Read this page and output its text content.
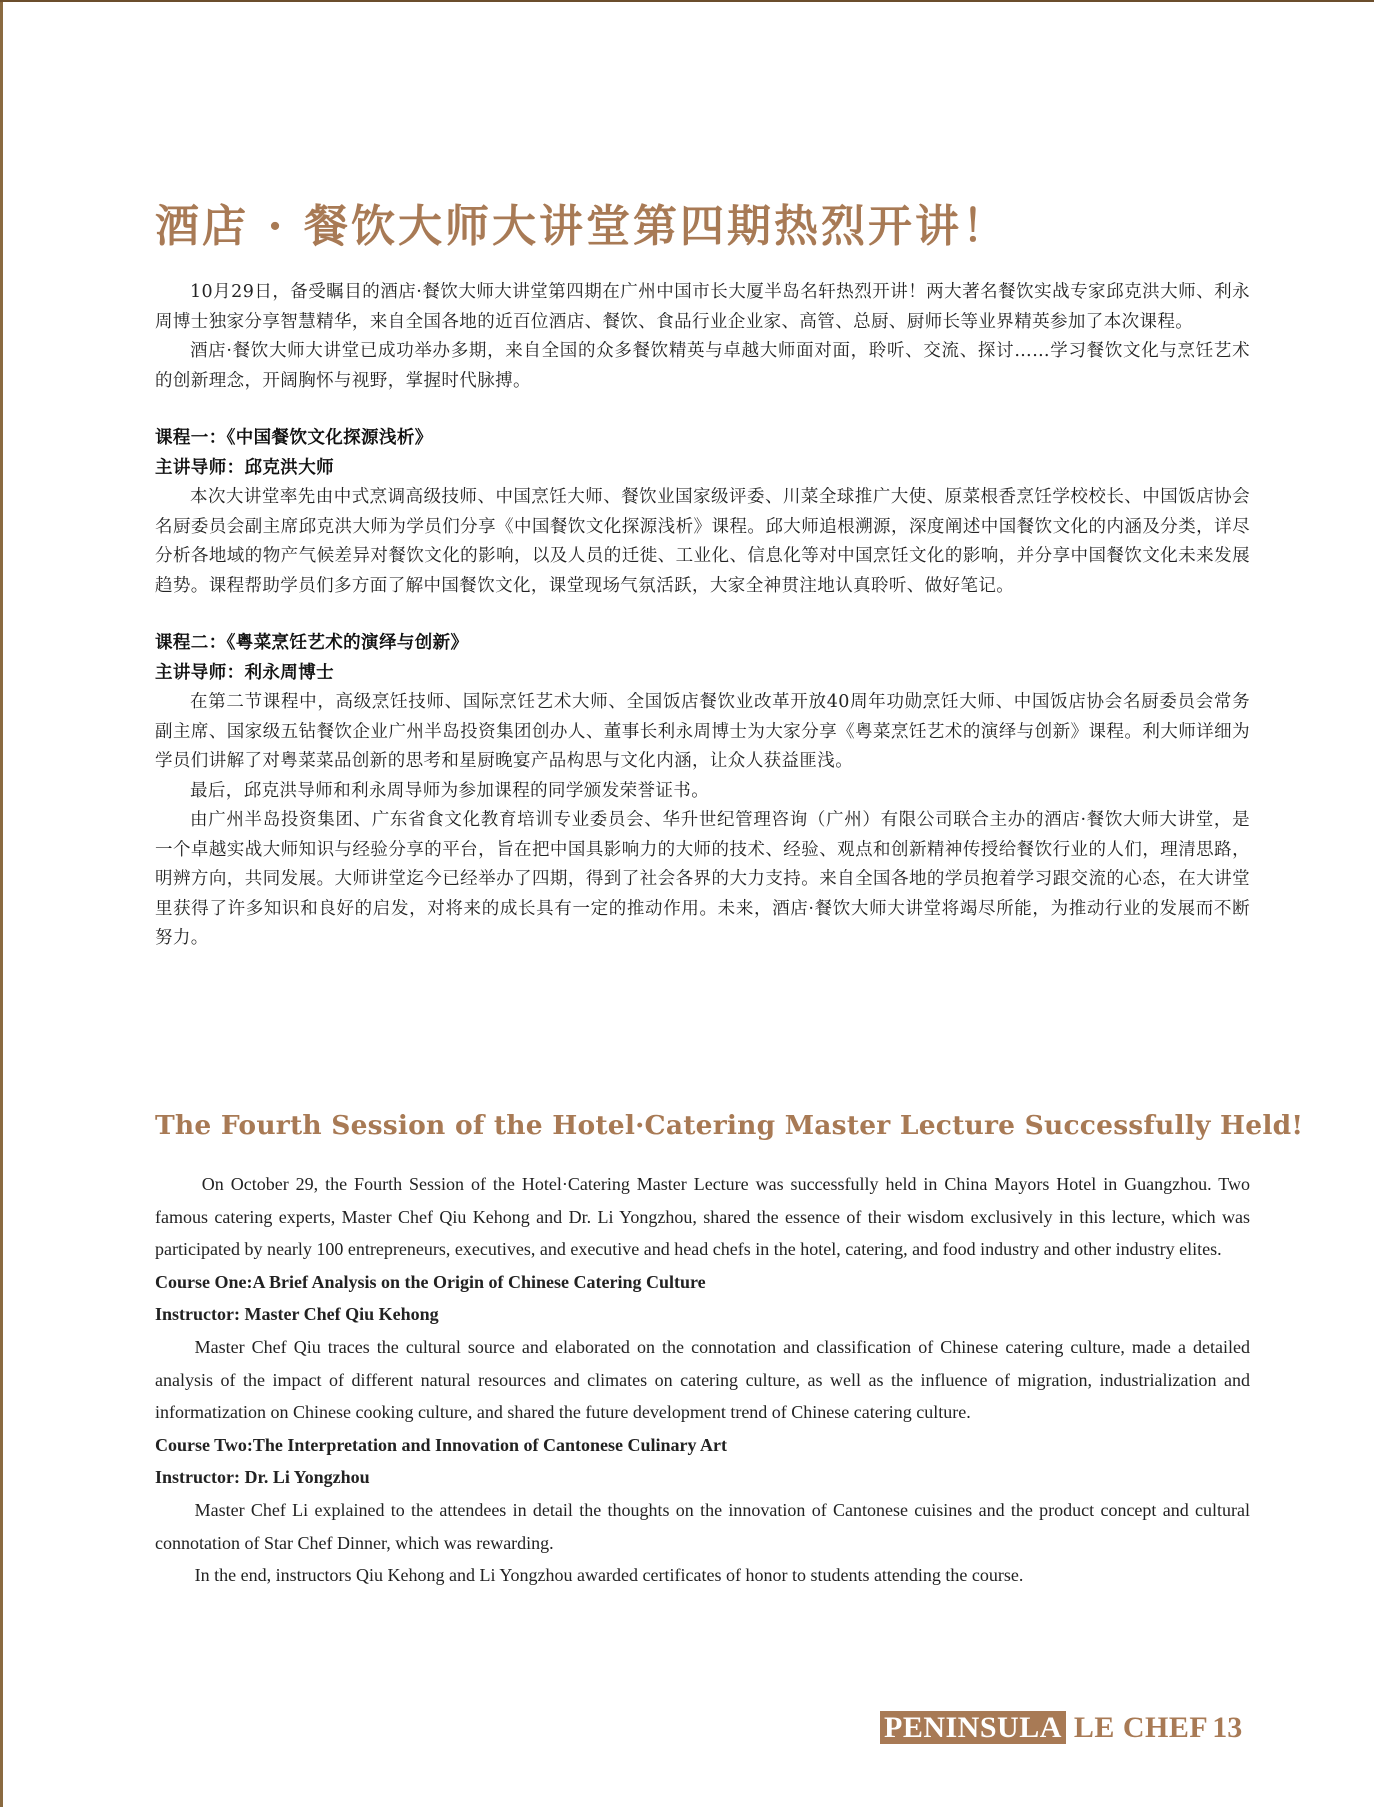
酒店 · 餐饮大师大讲堂第四期热烈开讲！

10月29日，备受瞩目的酒店·餐饮大师大讲堂第四期在广州中国市长大厦半岛名轩热烈开讲！两大著名餐饮实战专家邱克洪大师、利永周博士独家分享智慧精华，来自全国各地的近百位酒店、餐饮、食品行业企业家、高管、总厨、厨师长等业界精英参加了本次课程。

酒店·餐饮大师大讲堂已成功举办多期，来自全国的众多餐饮精英与卓越大师面对面，聆听、交流、探讨……学习餐饮文化与烹饪艺术的创新理念，开阔胸怀与视野，掌握时代脉搏。

课程一：《中国餐饮文化探源浅析》

主讲导师：邱克洪大师

本次大讲堂率先由中式烹调高级技师、中国烹饪大师、餐饮业国家级评委、川菜全球推广大使、原菜根香烹饪学校校长、中国饭店协会名厨委员会副主席邱克洪大师为学员们分享《中国餐饮文化探源浅析》课程。邱大师追根溯源，深度阐述中国餐饮文化的内涵及分类，详尽分析各地域的物产气候差异对餐饮文化的影响，以及人员的迁徙、工业化、信息化等对中国烹饪文化的影响，并分享中国餐饮文化未来发展趋势。课程帮助学员们多方面了解中国餐饮文化，课堂现场气氛活跃，大家全神贯注地认真聆听、做好笔记。

课程二：《粤菜烹饪艺术的演绎与创新》

主讲导师：利永周博士

在第二节课程中，高级烹饪技师、国际烹饪艺术大师、全国饭店餐饮业改革开放40周年功勋烹饪大师、中国饭店协会名厨委员会常务副主席、国家级五钻餐饮企业广州半岛投资集团创办人、董事长利永周博士为大家分享《粤菜烹饪艺术的演绎与创新》课程。利大师详细为学员们讲解了对粤菜菜品创新的思考和星厨晚宴产品构思与文化内涵，让众人获益匪浅。

最后，邱克洪导师和利永周导师为参加课程的同学颁发荣誉证书。

由广州半岛投资集团、广东省食文化教育培训专业委员会、华升世纪管理咨询（广州）有限公司联合主办的酒店·餐饮大师大讲堂，是一个卓越实战大师知识与经验分享的平台，旨在把中国具影响力的大师的技术、经验、观点和创新精神传授给餐饮行业的人们，理清思路，明辨方向，共同发展。大师讲堂迄今已经举办了四期，得到了社会各界的大力支持。来自全国各地的学员抱着学习跟交流的心态，在大讲堂里获得了许多知识和良好的启发，对将来的成长具有一定的推动作用。未来，酒店·餐饮大师大讲堂将竭尽所能，为推动行业的发展而不断努力。

The Fourth Session of the Hotel·Catering Master Lecture Successfully Held!

On October 29, the Fourth Session of the Hotel·Catering Master Lecture was successfully held in China Mayors Hotel in Guangzhou. Two famous catering experts, Master Chef Qiu Kehong and Dr. Li Yongzhou, shared the essence of their wisdom exclusively in this lecture, which was participated by nearly 100 entrepreneurs, executives, and executive and head chefs in the hotel, catering, and food industry and other industry elites.

Course One:A Brief Analysis on the Origin of Chinese Catering Culture

Instructor: Master Chef Qiu Kehong

Master Chef Qiu traces the cultural source and elaborated on the connotation and classification of Chinese catering culture, made a detailed analysis of the impact of different natural resources and climates on catering culture, as well as the influence of migration, industrialization and informatization on Chinese cooking culture, and shared the future development trend of Chinese catering culture.

Course Two:The Interpretation and Innovation of Cantonese Culinary Art

Instructor: Dr. Li Yongzhou

Master Chef Li explained to the attendees in detail the thoughts on the innovation of Cantonese cuisines and the product concept and cultural connotation of Star Chef Dinner, which was rewarding.

In the end, instructors Qiu Kehong and Li Yongzhou awarded certificates of honor to students attending the course.

PENINSULA LE CHEF 13
